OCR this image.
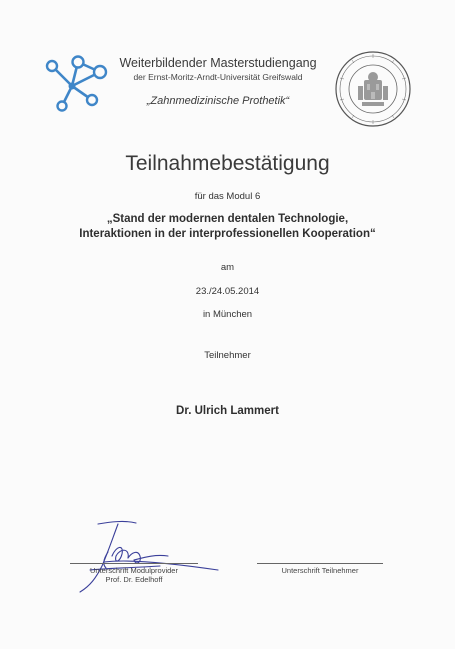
Weiterbildender Masterstudiengang
der Ernst-Moritz-Arndt-Universität Greifswald
„Zahnmedizinische Prothetik“
Teilnahmebestätigung
für das Modul 6
„Stand der modernen dentalen Technologie,
Interaktionen in der interprofessionellen Kooperation“
am
23./24.05.2014
in München
Teilnehmer
Dr. Ulrich Lammert
Unterschrift Modulprovider
Prof. Dr. Edelhoff
Unterschrift Teilnehmer
